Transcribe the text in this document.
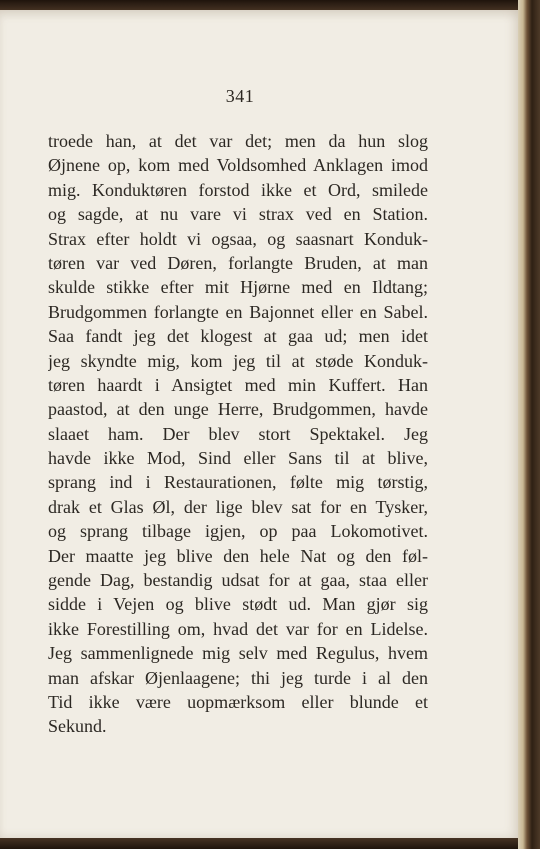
341
troede han, at det var det; men da hun slog
Øjnene op, kom med Voldsomhed Anklagen imod
mig. Konduktøren forstod ikke et Ord, smilede
og sagde, at nu vare vi strax ved en Station.
Strax efter holdt vi ogsaa, og saasnart Konduk-
tøren var ved Døren, forlangte Bruden, at man
skulde stikke efter mit Hjørne med en Ildtang;
Brudgommen forlangte en Bajonnet eller en Sabel.
Saa fandt jeg det klogest at gaa ud; men idet
jeg skyndte mig, kom jeg til at støde Konduk-
tøren haardt i Ansigtet med min Kuffert. Han
paastod, at den unge Herre, Brudgommen, havde
slaaet ham. Der blev stort Spektakel. Jeg
havde ikke Mod, Sind eller Sans til at blive,
sprang ind i Restaurationen, følte mig tørstig,
drak et Glas Øl, der lige blev sat for en Tysker,
og sprang tilbage igjen, op paa Lokomotivet.
Der maatte jeg blive den hele Nat og den føl-
gende Dag, bestandig udsat for at gaa, staa eller
sidde i Vejen og blive stødt ud. Man gjør sig
ikke Forestilling om, hvad det var for en Lidelse.
Jeg sammenlignede mig selv med Regulus, hvem
man afskar Øjenlaagene; thi jeg turde i al den
Tid ikke være uopmærksom eller blunde et
Sekund.
